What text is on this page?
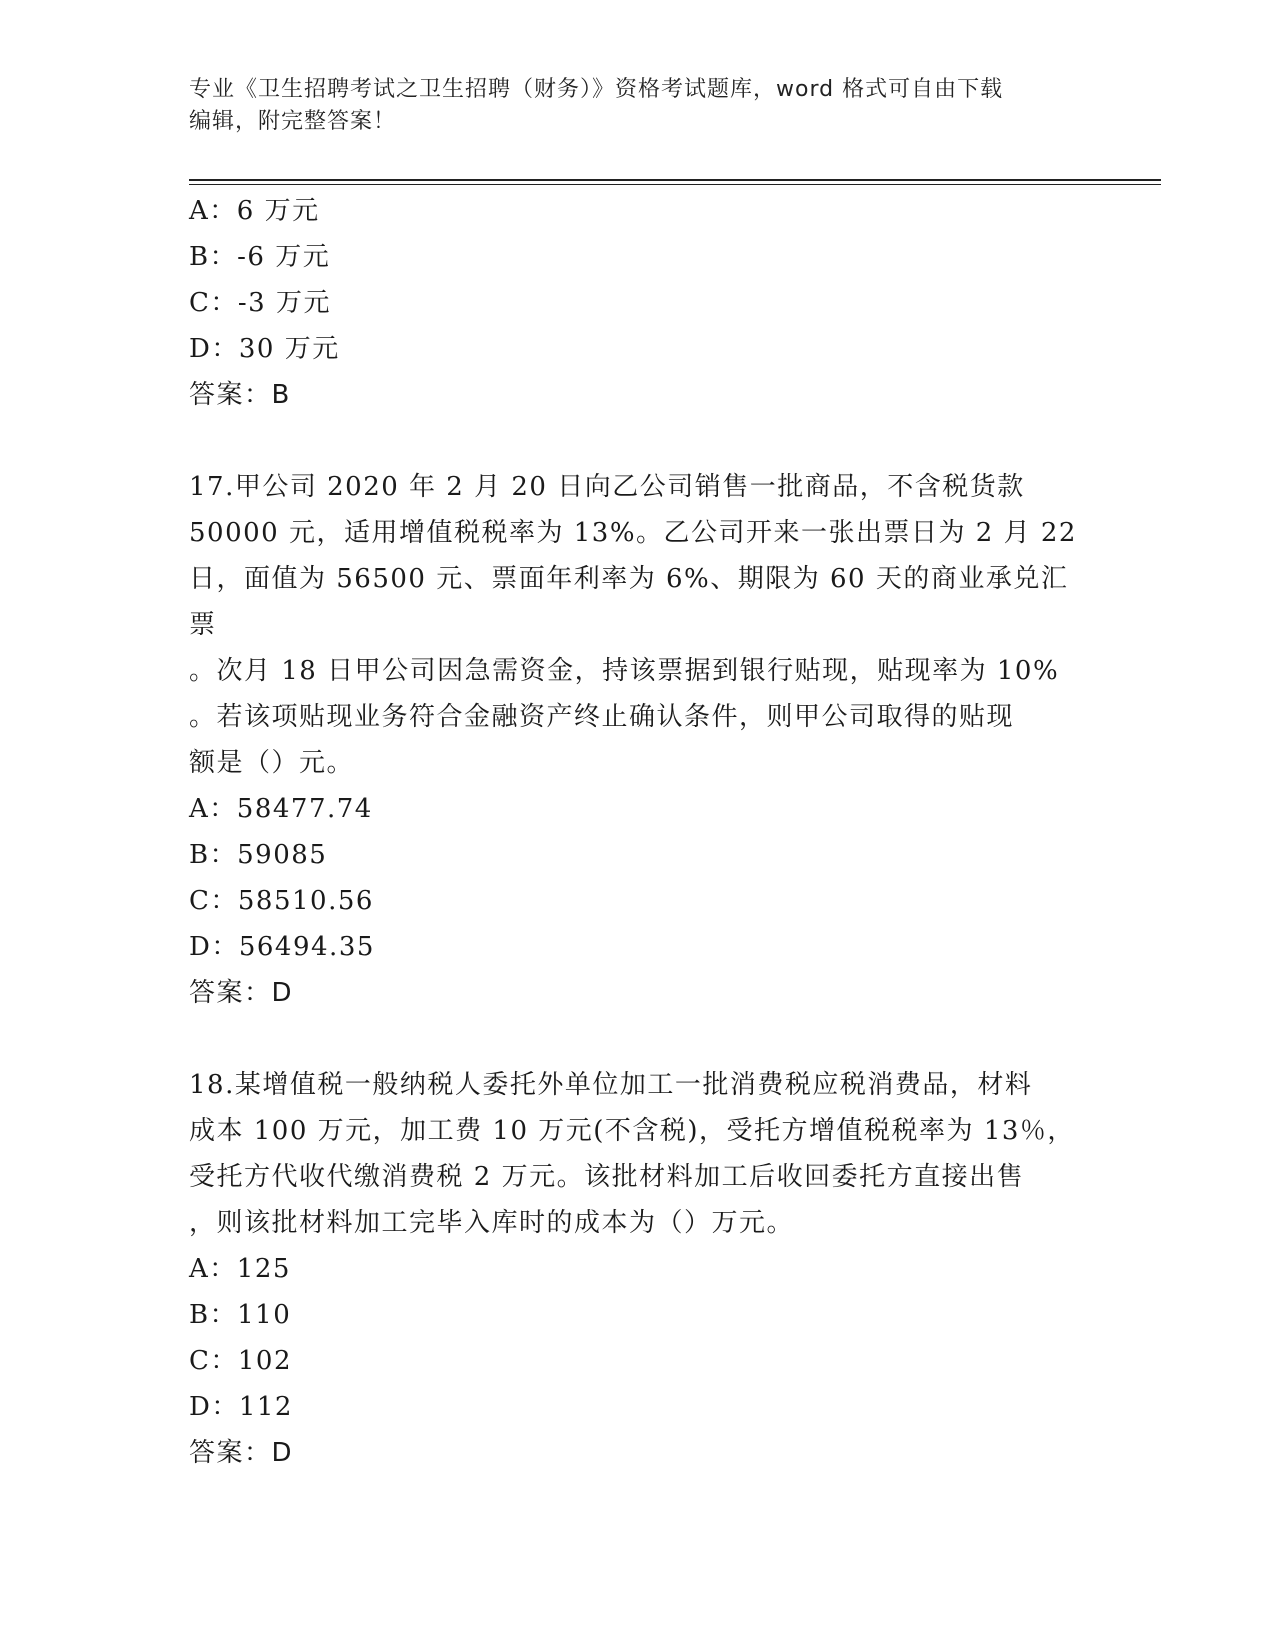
专业《卫生招聘考试之卫生招聘（财务）》资格考试题库，word 格式可自由下载
编辑，附完整答案！
A：6 万元
B：-6 万元
C：-3 万元
D：30 万元
答案：B
17.甲公司 2020 年 2 月 20 日向乙公司销售一批商品，不含税货款
50000 元，适用增值税税率为 13%。乙公司开来一张出票日为 2 月 22
日，面值为 56500 元、票面年利率为 6%、期限为 60 天的商业承兑汇票
。次月 18 日甲公司因急需资金，持该票据到银行贴现，贴现率为 10%
。若该项贴现业务符合金融资产终止确认条件，则甲公司取得的贴现
额是（）元。
A：58477.74
B：59085
C：58510.56
D：56494.35
答案：D
18.某增值税一般纳税人委托外单位加工一批消费税应税消费品，材料
成本 100 万元，加工费 10 万元(不含税)，受托方增值税税率为 13％，
受托方代收代缴消费税 2 万元。该批材料加工后收回委托方直接出售
，则该批材料加工完毕入库时的成本为（）万元。
A：125
B：110
C：102
D：112
答案：D
